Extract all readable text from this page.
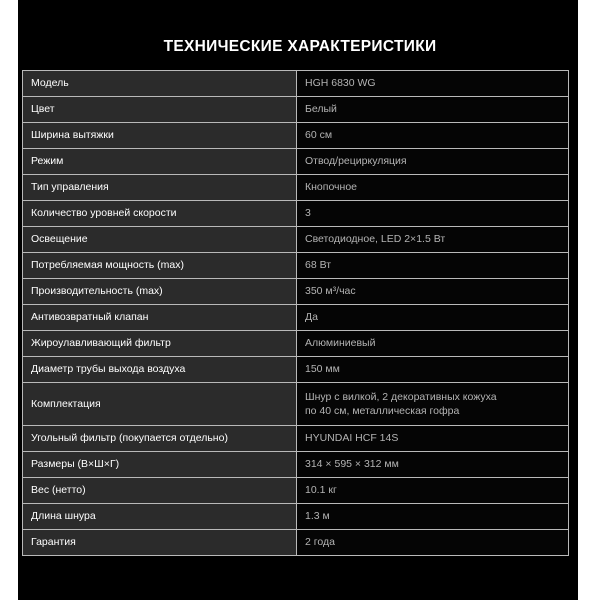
ТЕХНИЧЕСКИЕ ХАРАКТЕРИСТИКИ
Модель	HGH 6830 WG

Цвет	Белый

Ширина вытяжки	60 см

Режим	Отвод/рециркуляция

Тип управления	Кнопочное

Количество уровней скорости	3

Освещение	Светодиодное, LED 2×1.5 Вт

Потребляемая мощность (max)	68 Вт

Производительность (max)	350 м³/час

Антивозвратный клапан	Да

Жироулавливающий фильтр	Алюминиевый

Диаметр трубы выхода воздуха	150 мм

Комплектация	Шнур с вилкой, 2 декоративных кожуха
по 40 см, металлическая гофра

Угольный фильтр (покупается отдельно)	HYUNDAI HCF 14S

Размеры (В×Ш×Г)	314 × 595 × 312 мм

Вес (нетто)	10.1 кг

Длина шнура	1.3 м

Гарантия	2 года
